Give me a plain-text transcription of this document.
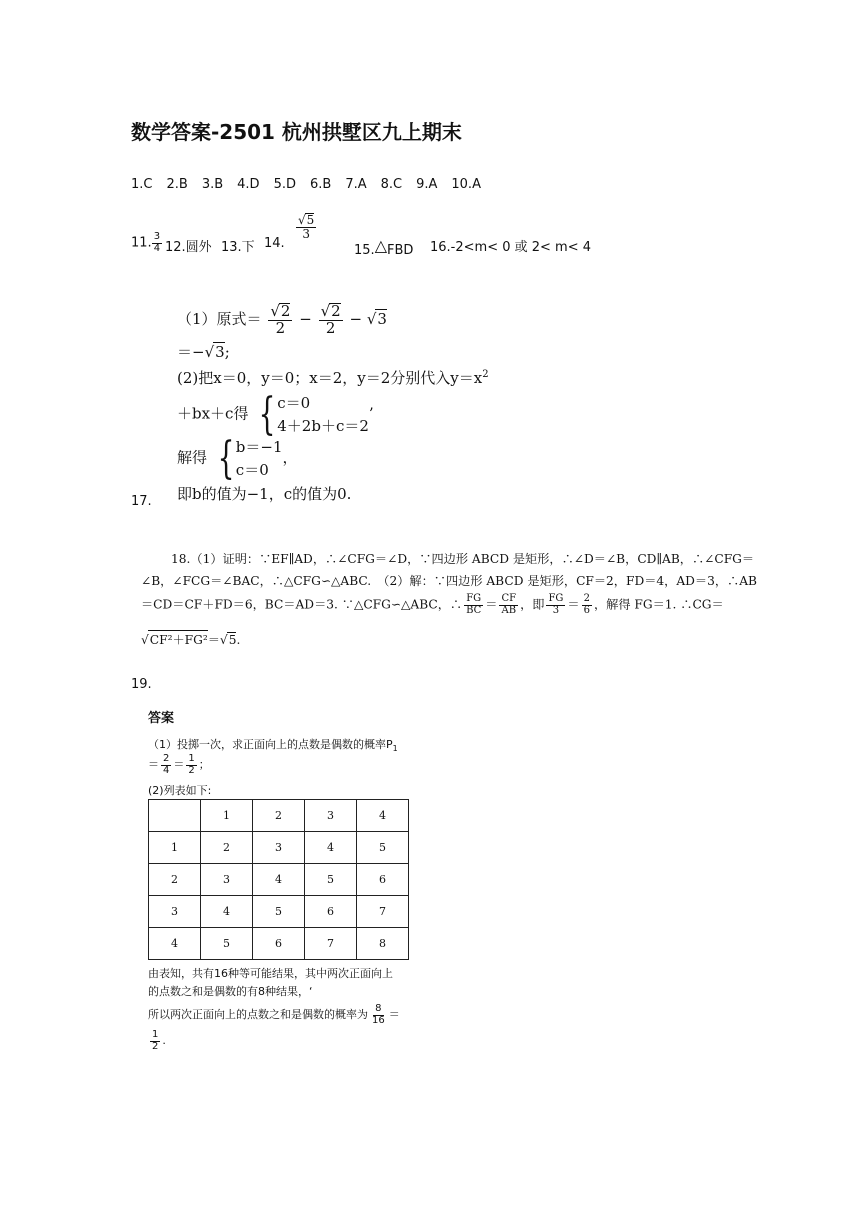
数学答案-2501 杭州拱墅区九上期末
1.C 2.B 3.B 4.D 5.D 6.B 7.A 8.C 9.A 10.A
11. $\frac{3}{4} 12$.圆外 13.下 14.
$\frac{√5}{3}$
15.△FBD 16.-2<m< 0 或 2< m< 4
（1）原式＝ $\frac{√2}{2} - \frac{√2}{2} - √3$
＝−√3;
(2)把x＝0，y＝0；x＝2，y＝2分别代入$y=x^2$
＋bx＋c得 { c＝0
4＋2b＋c＝2
’
解得 { b＝−1
c＝0
，
即b的值为−1，c的值为0.
17.
18.（1）证明：∵EF∥AD，∴∠CFG＝∠D，∵四边形 ABCD 是矩形，∴∠D＝∠B，CD∥AB，∴∠CFG＝
∠B，∠FCG＝∠BAC，∴△CFG∽△ABC.　（2）解：∵四边形 ABCD 是矩形，CF＝2，FD＝4，AD＝3，∴AB
＝CD＝CF＋FD＝6，BC＝AD＝3. ∵△CFG∽△ABC，∴ $\frac{FG}{BC} = \frac{CF}{AB}$ ，即 $\frac{FG}{3} = \frac{2}{6}$ ，解得 FG＝1. ∴CG＝
√CF²＋FG²＝√5.
19.
答案
（1）投掷一次，求正面向上的点数是偶数的概率$P_1$
＝ $\frac{2}{4} = \frac{1}{2}$ ；
(2)列表如下:
	1	2	3	4
1	2	3	4	5
2	3	4	5	6
3	4	5	6	7
4	5	6	7	8
由表知，共有16种等可能结果，其中两次正面向上
的点数之和是偶数的有8种结果，‘
所以两次正面向上的点数之和是偶数的概率为 $\frac{8}{16}$ ＝
$\frac{1}{2}$ .
